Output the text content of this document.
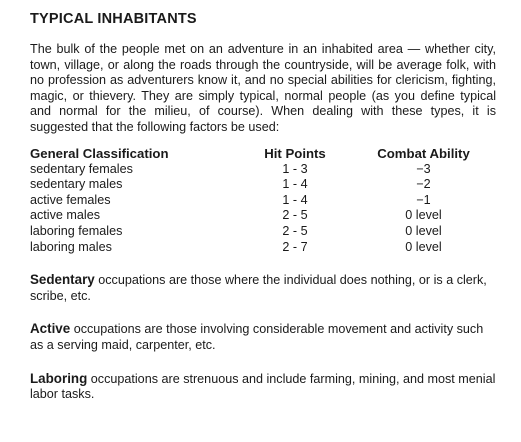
TYPICAL INHABITANTS

The bulk of the people met on an adventure in an inhabited area — whether city, town, village, or along the roads through the countryside, will be average folk, with no profession as adventurers know it, and no special abilities for clericism, fighting, magic, or thievery. They are simply typical, normal people (as you define typical and normal for the milieu, of course). When dealing with these types, it is suggested that the following factors be used:

General Classification	Hit Points	Combat Ability
sedentary females	1 - 3	−3
sedentary males	1 - 4	−2
active females	1 - 4	−1
active males	2 - 5	0 level
laboring females	2 - 5	0 level
laboring males	2 - 7	0 level

Sedentary occupations are those where the individual does nothing, or is a clerk, scribe, etc.

Active occupations are those involving considerable movement and activity such as a serving maid, carpenter, etc.

Laboring occupations are strenuous and include farming, mining, and most menial labor tasks.
